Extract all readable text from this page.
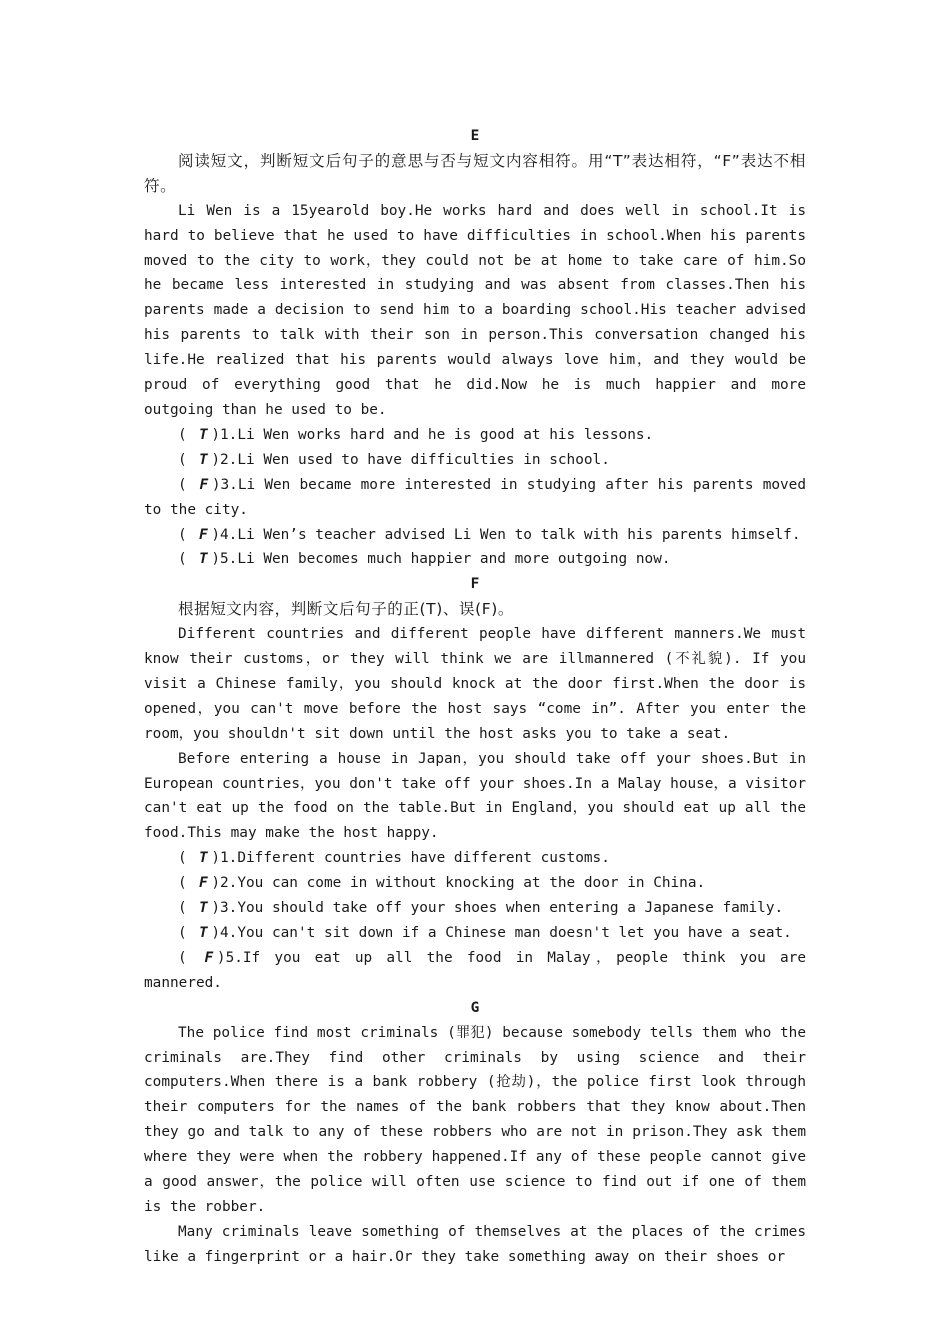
E

阅读短文，判断短文后句子的意思与否与短文内容相符。用“T”表达相符，“F”表达不相符。

Li Wen is a 15yearold boy.He works hard and does well in school.It is hard to believe that he used to have difficulties in school.When his parents moved to the city to work，they could not be at home to take care of him.So he became less interested in studying and was absent from classes.Then his parents made a decision to send him to a boarding school.His teacher advised his parents to talk with their son in person.This conversation changed his life.He realized that his parents would always love him，and they would be proud of everything good that he did.Now he is much happier and more outgoing than he used to be.

( T )1.Li Wen works hard and he is good at his lessons.

( T )2.Li Wen used to have difficulties in school.

( F )3.Li Wen became more interested in studying after his parents moved to the city.

( F )4.Li Wen’s teacher advised Li Wen to talk with his parents himself.

( T )5.Li Wen becomes much happier and more outgoing now.

F

根据短文内容，判断文后句子的正(T)、误(F)。

Different countries and different people have different manners.We must know their customs，or they will think we are illmannered (不礼貌). If you visit a Chinese family，you should knock at the door first.When the door is opened，you can't move before the host says “come in”. After you enter the room，you shouldn't sit down until the host asks you to take a seat.

Before entering a house in Japan，you should take off your shoes.But in European countries，you don't take off your shoes.In a Malay house，a visitor can't eat up the food on the table.But in England，you should eat up all the food.This may make the host happy.

( T )1.Different countries have different customs.

( F )2.You can come in without knocking at the door in China.

( T )3.You should take off your shoes when entering a Japanese family.

( T )4.You can't sit down if a Chinese man doesn't let you have a seat.

( F )5.If you eat up all the food in Malay，people think you are mannered.

G

The police find most criminals (罪犯) because somebody tells them who the criminals are.They find other criminals by using science and their computers.When there is a bank robbery (抢劫)，the police first look through their computers for the names of the bank robbers that they know about.Then they go and talk to any of these robbers who are not in prison.They ask them where they were when the robbery happened.If any of these people cannot give a good answer，the police will often use science to find out if one of them is the robber.

Many criminals leave something of themselves at the places of the crimes like a fingerprint or a hair.Or they take something away on their shoes or
